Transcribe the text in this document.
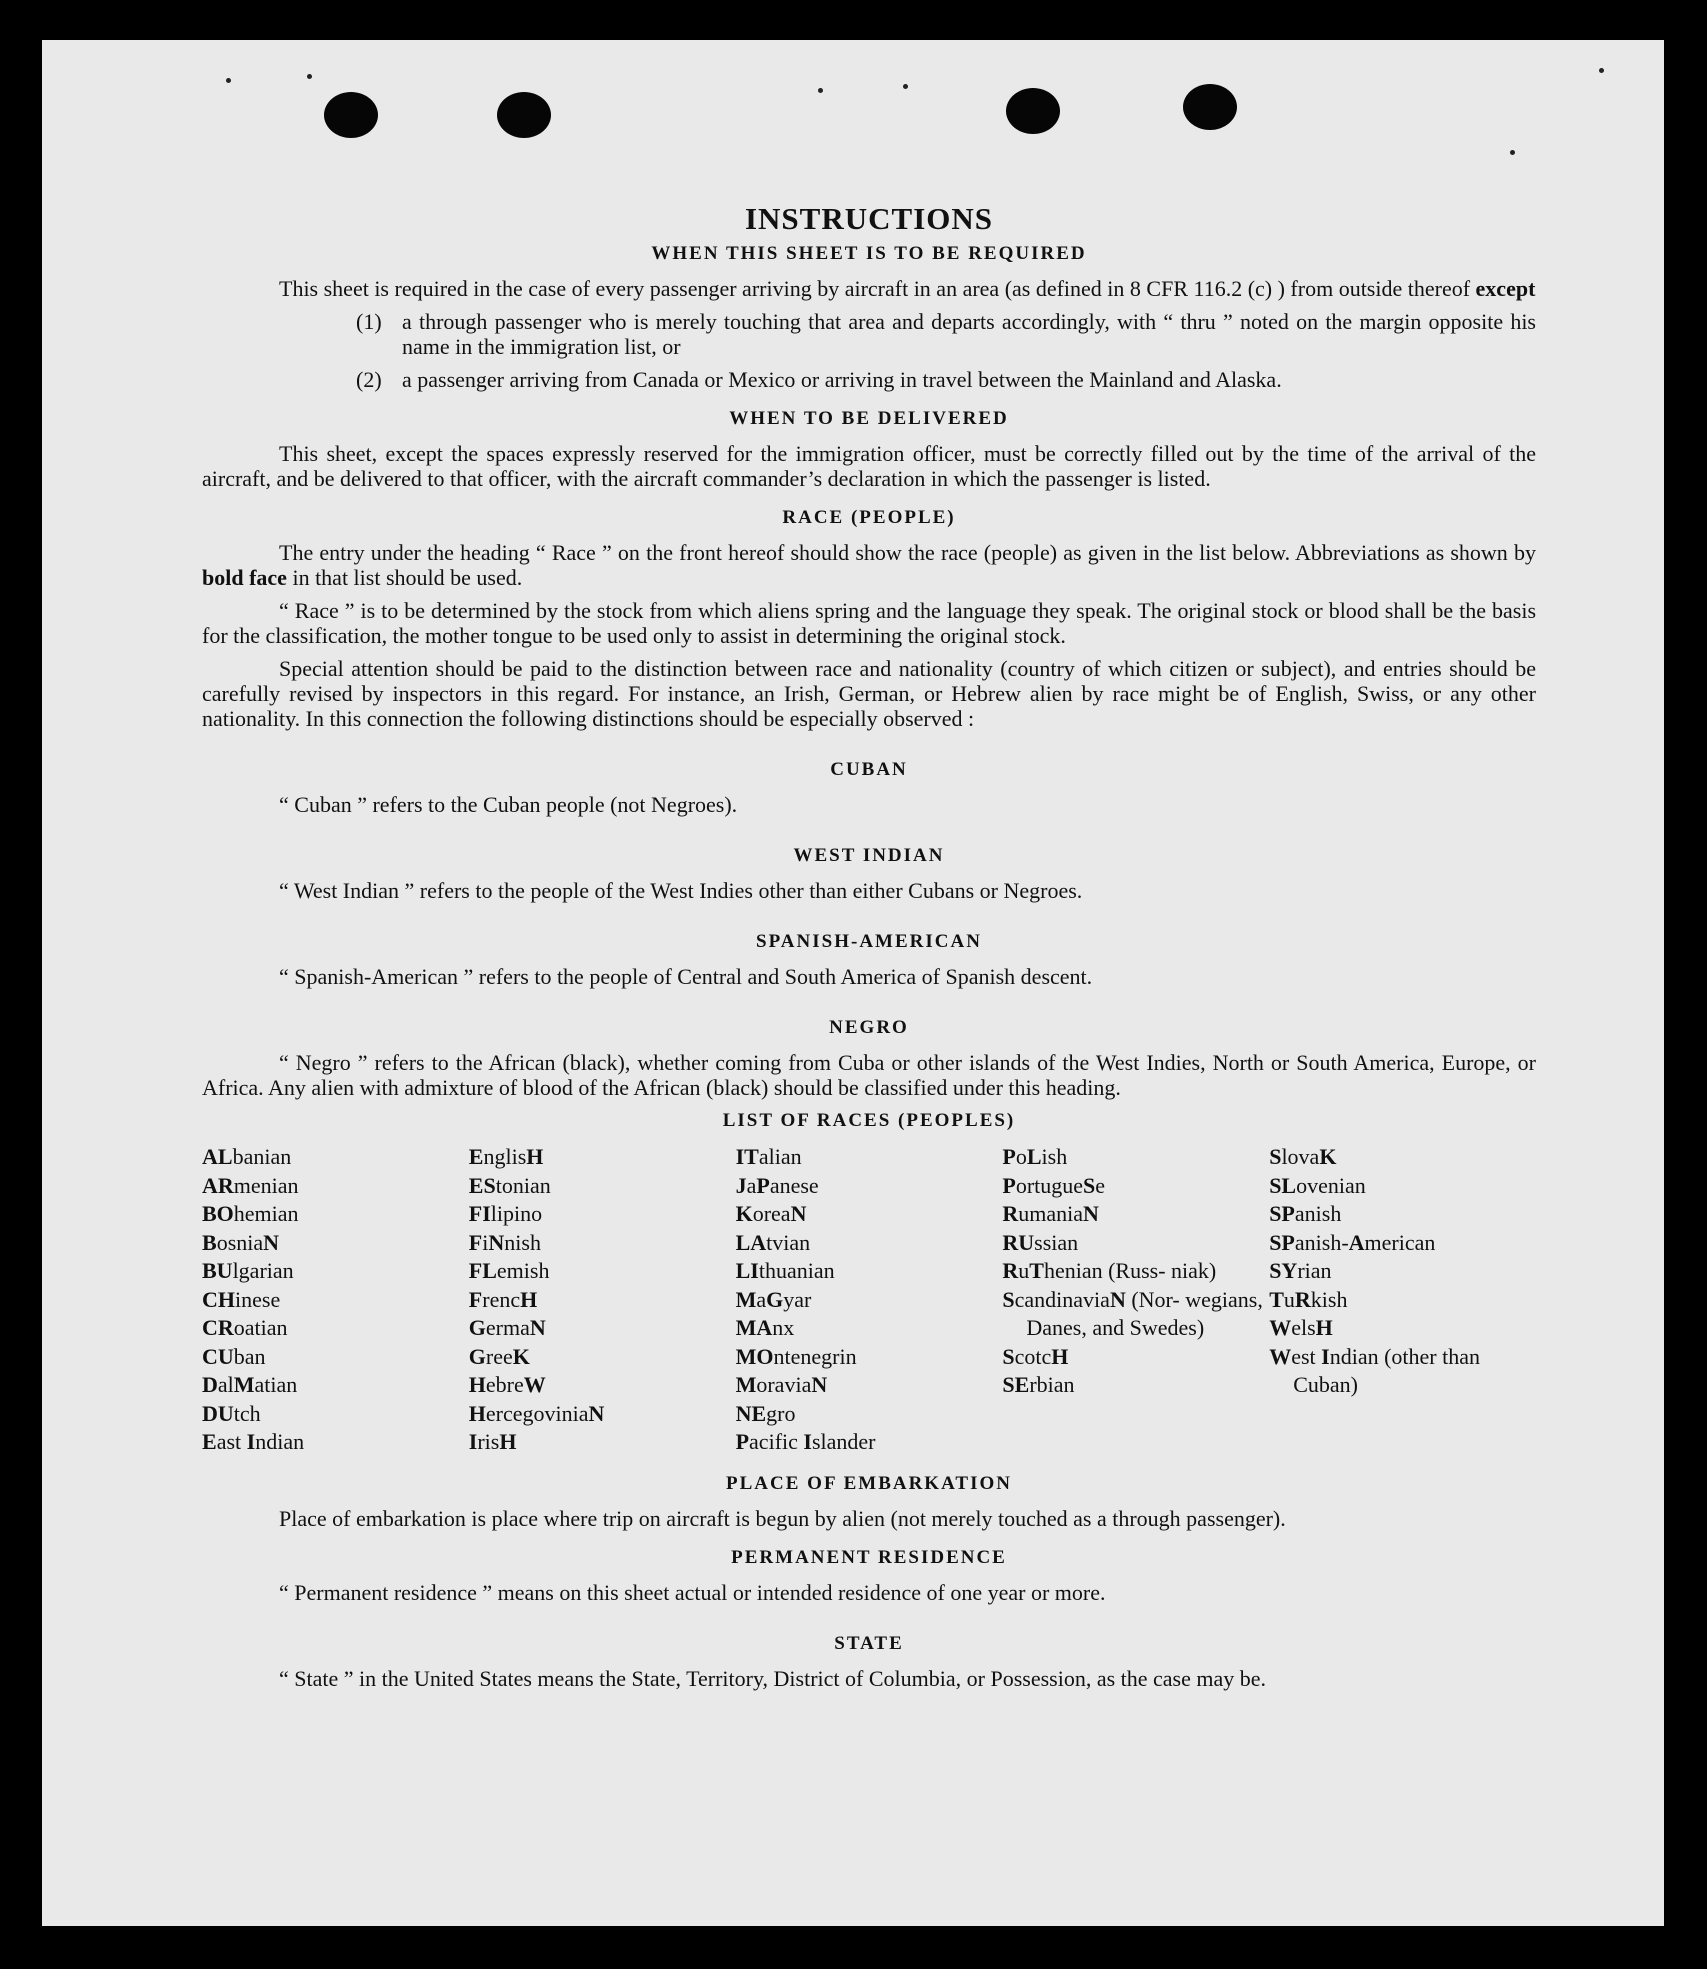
INSTRUCTIONS
WHEN THIS SHEET IS TO BE REQUIRED

This sheet is required in the case of every passenger arriving by aircraft in an area (as defined in 8 CFR 116.2 (c) ) from outside thereof except

(1) a through passenger who is merely touching that area and departs accordingly, with “ thru ” noted on the margin opposite his name in the immigration list, or
(2) a passenger arriving from Canada or Mexico or arriving in travel between the Mainland and Alaska.
WHEN TO BE DELIVERED

This sheet, except the spaces expressly reserved for the immigration officer, must be correctly filled out by the time of the arrival of the aircraft, and be delivered to that officer, with the aircraft commander’s declaration in which the passenger is listed.

RACE (PEOPLE)

The entry under the heading “ Race ” on the front hereof should show the race (people) as given in the list below. Abbreviations as shown by bold face in that list should be used.

“ Race ” is to be determined by the stock from which aliens spring and the language they speak. The original stock or blood shall be the basis for the classification, the mother tongue to be used only to assist in determining the original stock.

Special attention should be paid to the distinction between race and nationality (country of which citizen or subject), and entries should be carefully revised by inspectors in this regard. For instance, an Irish, German, or Hebrew alien by race might be of English, Swiss, or any other nationality. In this connection the following distinctions should be especially observed :

CUBAN

“ Cuban ” refers to the Cuban people (not Negroes).

WEST INDIAN

“ West Indian ” refers to the people of the West Indies other than either Cubans or Negroes.

SPANISH-AMERICAN

“ Spanish-American ” refers to the people of Central and South America of Spanish descent.

NEGRO

“ Negro ” refers to the African (black), whether coming from Cuba or other islands of the West Indies, North or South America, Europe, or Africa. Any alien with admixture of blood of the African (black) should be classified under this heading.

LIST OF RACES (PEOPLES)
ALbanian
ARmenian
BOhemian
BosniaN
BUlgarian
CHinese
CRoatian
CUban
DalMatian
DUtch
East Indian
EnglisH
EStonian
FIlipino
FiNnish
FLemish
FrencH
GermaN
GreeK
HebreW
HercegoviniaN
IrisH
ITalian
JaPanese
KoreaN
LAtvian
LIthuanian
MaGyar
MAnx
MOntenegrin
MoraviaN
NEgro
Pacific Islander
PoLish
PortugueSe
RumaniaN
RUssian
RuThenian (Russ- niak)
ScandinaviaN (Nor- wegians, Danes, and Swedes)
ScotcH
SErbian
SlovaK
SLovenian
SPanish
SPanish-American
SYrian
TuRkish
WelsH
West Indian (other than Cuban)
PLACE OF EMBARKATION

Place of embarkation is place where trip on aircraft is begun by alien (not merely touched as a through passenger).

PERMANENT RESIDENCE

“ Permanent residence ” means on this sheet actual or intended residence of one year or more.

STATE

“ State ” in the United States means the State, Territory, District of Columbia, or Possession, as the case may be.
